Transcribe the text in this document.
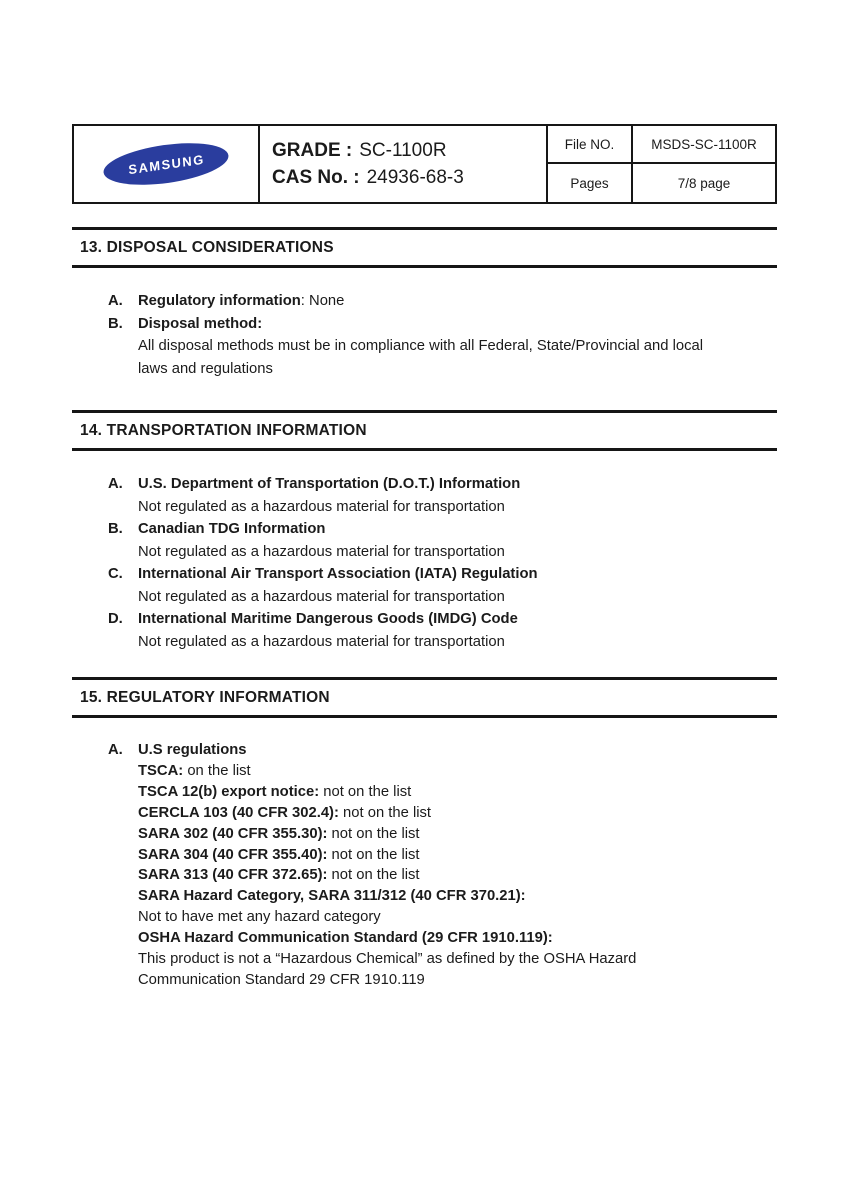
SAMSUNG
GRADE : SC-1100R
CAS No. : 24936-68-3
File NO.	MSDS-SC-1100R
Pages	7/8 page
13. DISPOSAL CONSIDERATIONS
A. Regulatory information: None
B. Disposal method:
All disposal methods must be in compliance with all Federal, State/Provincial and local
laws and regulations
14. TRANSPORTATION INFORMATION
A. U.S. Department of Transportation (D.O.T.) Information
Not regulated as a hazardous material for transportation
B. Canadian TDG Information
Not regulated as a hazardous material for transportation
C. International Air Transport Association (IATA) Regulation
Not regulated as a hazardous material for transportation
D. International Maritime Dangerous Goods (IMDG) Code
Not regulated as a hazardous material for transportation
15. REGULATORY INFORMATION
A. U.S regulations
TSCA: on the list
TSCA 12(b) export notice: not on the list
CERCLA 103 (40 CFR 302.4): not on the list
SARA 302 (40 CFR 355.30): not on the list
SARA 304 (40 CFR 355.40): not on the list
SARA 313 (40 CFR 372.65): not on the list
SARA Hazard Category, SARA 311/312 (40 CFR 370.21):
Not to have met any hazard category
OSHA Hazard Communication Standard (29 CFR 1910.119):
This product is not a “Hazardous Chemical” as defined by the OSHA Hazard
Communication Standard 29 CFR 1910.119
